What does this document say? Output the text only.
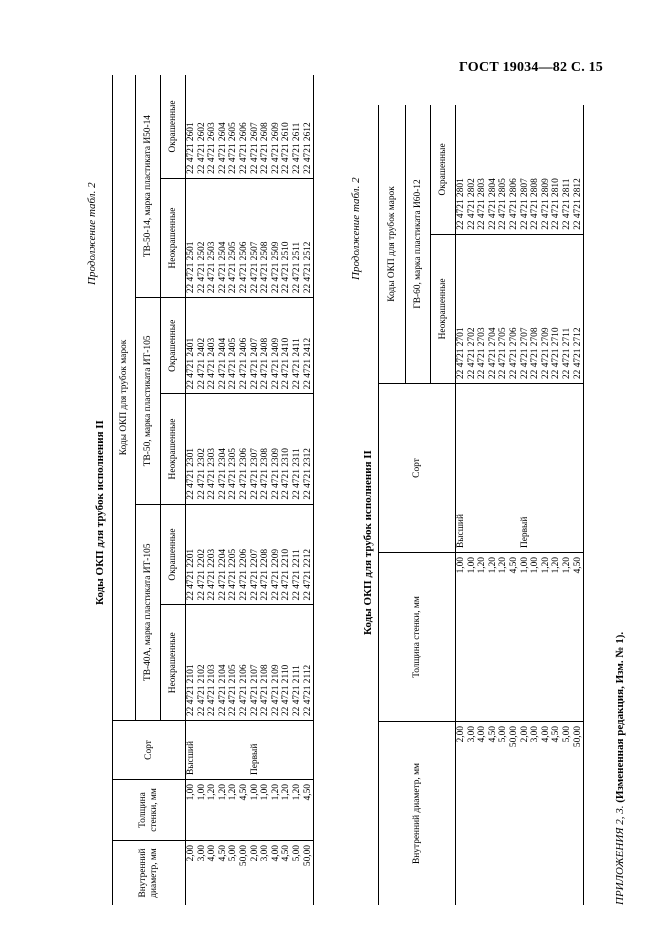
ГОСТ 19034—82 С. 15
Продолжение табл. 2
Коды ОКП для трубок исполнения II
Внутренний диаметр, мм	Толщина стенки, мм	Сорт	Коды ОКП для трубок марок					
			ТВ-40А, марка пластиката ИТ-105		ТВ-50, марка пластиката ИТ-105		ТВ-50-14, марка пластиката И50-14	
			Неокрашенные	Окрашенные	Неокрашенные	Окрашенные	Неокрашенные	Окрашенные
2,00	1,00	Высший	22 4721 2101	22 4721 2201	22 4721 2301	22 4721 2401	22 4721 2501	22 4721 2601
3,00	1,00		22 4721 2102	22 4721 2202	22 4721 2302	22 4721 2402	22 4721 2502	22 4721 2602
4,00	1,20		22 4721 2103	22 4721 2203	22 4721 2303	22 4721 2403	22 4721 2503	22 4721 2603
4,50	1,20		22 4721 2104	22 4721 2204	22 4721 2304	22 4721 2404	22 4721 2504	22 4721 2604
5,00	1,20		22 4721 2105	22 4721 2205	22 4721 2305	22 4721 2405	22 4721 2505	22 4721 2605
50,00	4,50		22 4721 2106	22 4721 2206	22 4721 2306	22 4721 2406	22 4721 2506	22 4721 2606
2,00	1,00	Первый	22 4721 2107	22 4721 2207	22 4721 2307	22 4721 2407	22 4721 2507	22 4721 2607
3,00	1,00		22 4721 2108	22 4721 2208	22 4721 2308	22 4721 2408	22 4721 2508	22 4721 2608
4,00	1,20		22 4721 2109	22 4721 2209	22 4721 2309	22 4721 2409	22 4721 2509	22 4721 2609
4,50	1,20		22 4721 2110	22 4721 2210	22 4721 2310	22 4721 2410	22 4721 2510	22 4721 2610
5,00	1,20		22 4721 2111	22 4721 2211	22 4721 2311	22 4721 2411	22 4721 2511	22 4721 2611
50,00	4,50		22 4721 2112	22 4721 2212	22 4721 2312	22 4721 2412	22 4721 2512	22 4721 2612
Продолжение табл. 2
Коды ОКП для трубок исполнения II
Внутренний диаметр, мм	Толщина стенки, мм	Сорт	Коды ОКП для трубок марок	
			ГВ-60, марка пластиката И60-12	
			Неокрашенные	Окрашенные
2,00	1,00	Высший	22 4721 2701	22 4721 2801
3,00	1,00		22 4721 2702	22 4721 2802
4,00	1,20		22 4721 2703	22 4721 2803
4,50	1,20		22 4721 2704	22 4721 2804
5,00	1,20		22 4721 2705	22 4721 2805
50,00	4,50		22 4721 2706	22 4721 2806
2,00	1,00	Первый	22 4721 2707	22 4721 2807
3,00	1,00		22 4721 2708	22 4721 2808
4,00	1,20		22 4721 2709	22 4721 2809
4,50	1,20		22 4721 2710	22 4721 2810
5,00	1,20		22 4721 2711	22 4721 2811
50,00	4,50		22 4721 2712	22 4721 2812
ПРИЛОЖЕНИЯ 2, 3. (Измененная редакция, Изм. № 1).
